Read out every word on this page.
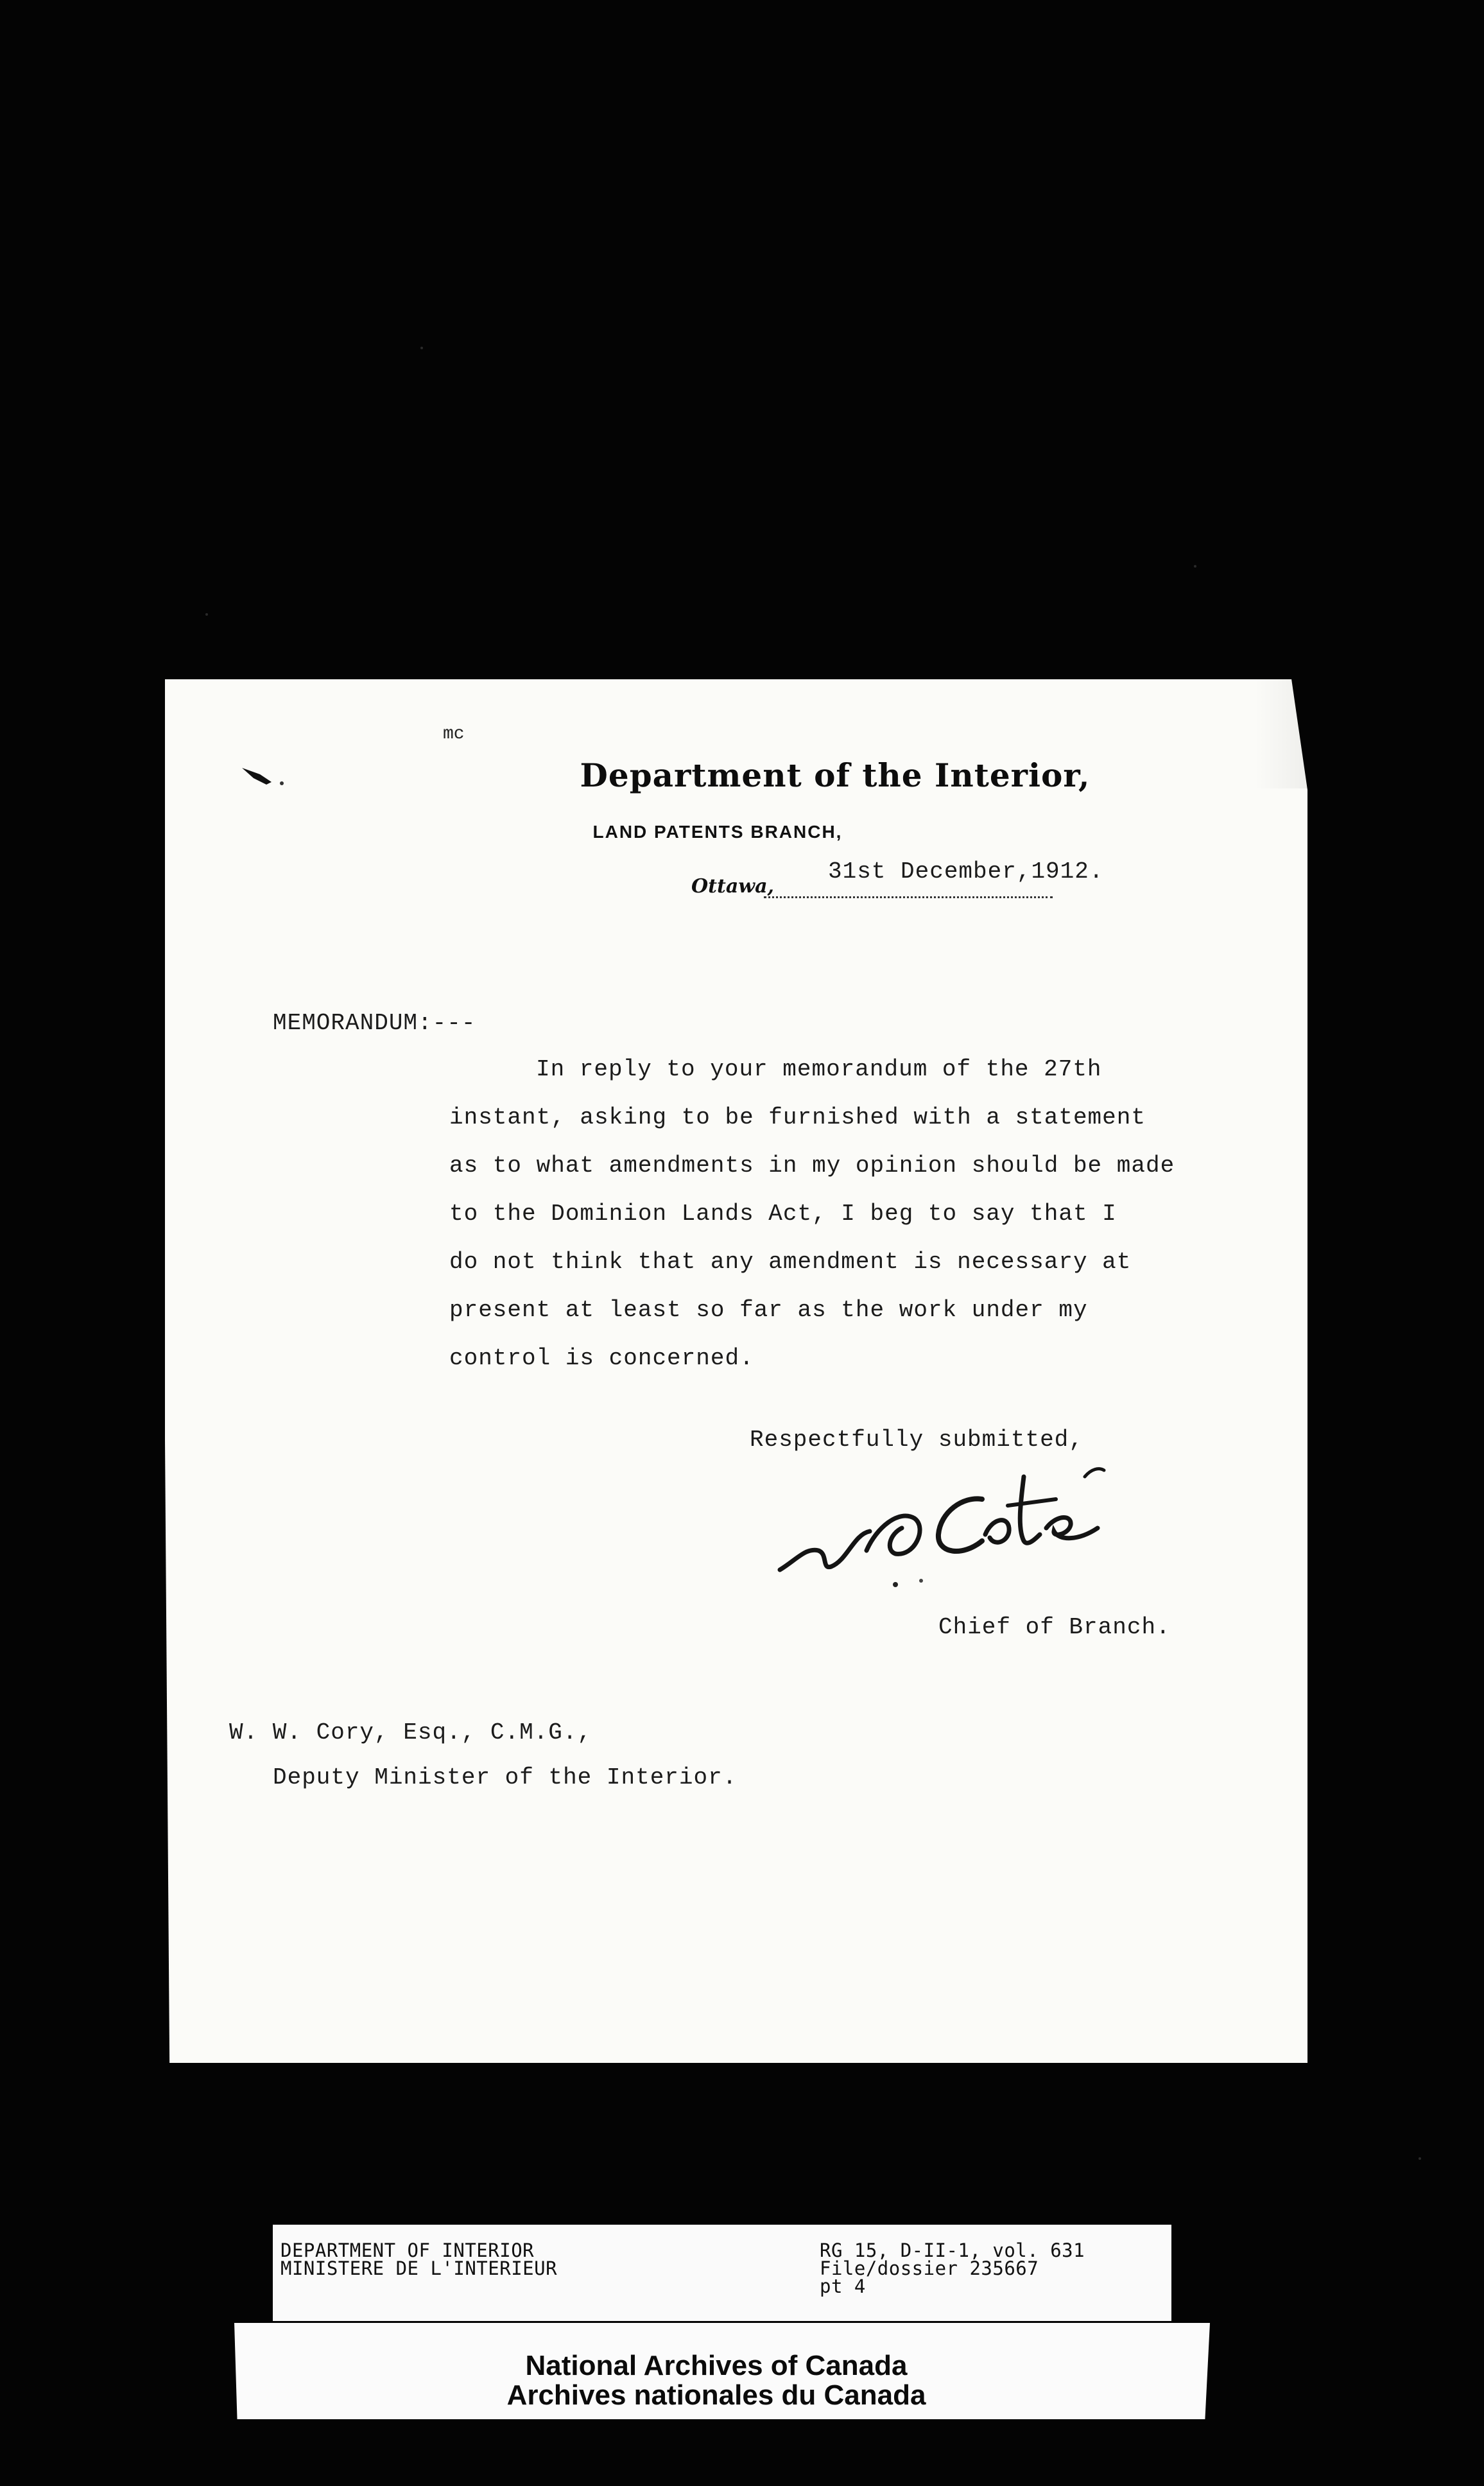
mc
Department of the Interior,
LAND PATENTS BRANCH,
Ottawa,
31st December,1912.
MEMORANDUM:---
In reply to your memorandum of the 27th
instant, asking to be furnished with a statement
as to what amendments in my opinion should be made
to the Dominion Lands Act, I beg to say that I
do not think that any amendment is necessary at
present at least so far as the work under my
control is concerned.
Respectfully submitted,
Chief of Branch.
W. W. Cory, Esq., C.M.G.,
Deputy Minister of the Interior.
DEPARTMENT OF INTERIOR
MINISTERE DE L'INTERIEUR
RG 15, D-II-1, vol. 631
File/dossier 235667
pt 4
National Archives of Canada
Archives nationales du Canada
